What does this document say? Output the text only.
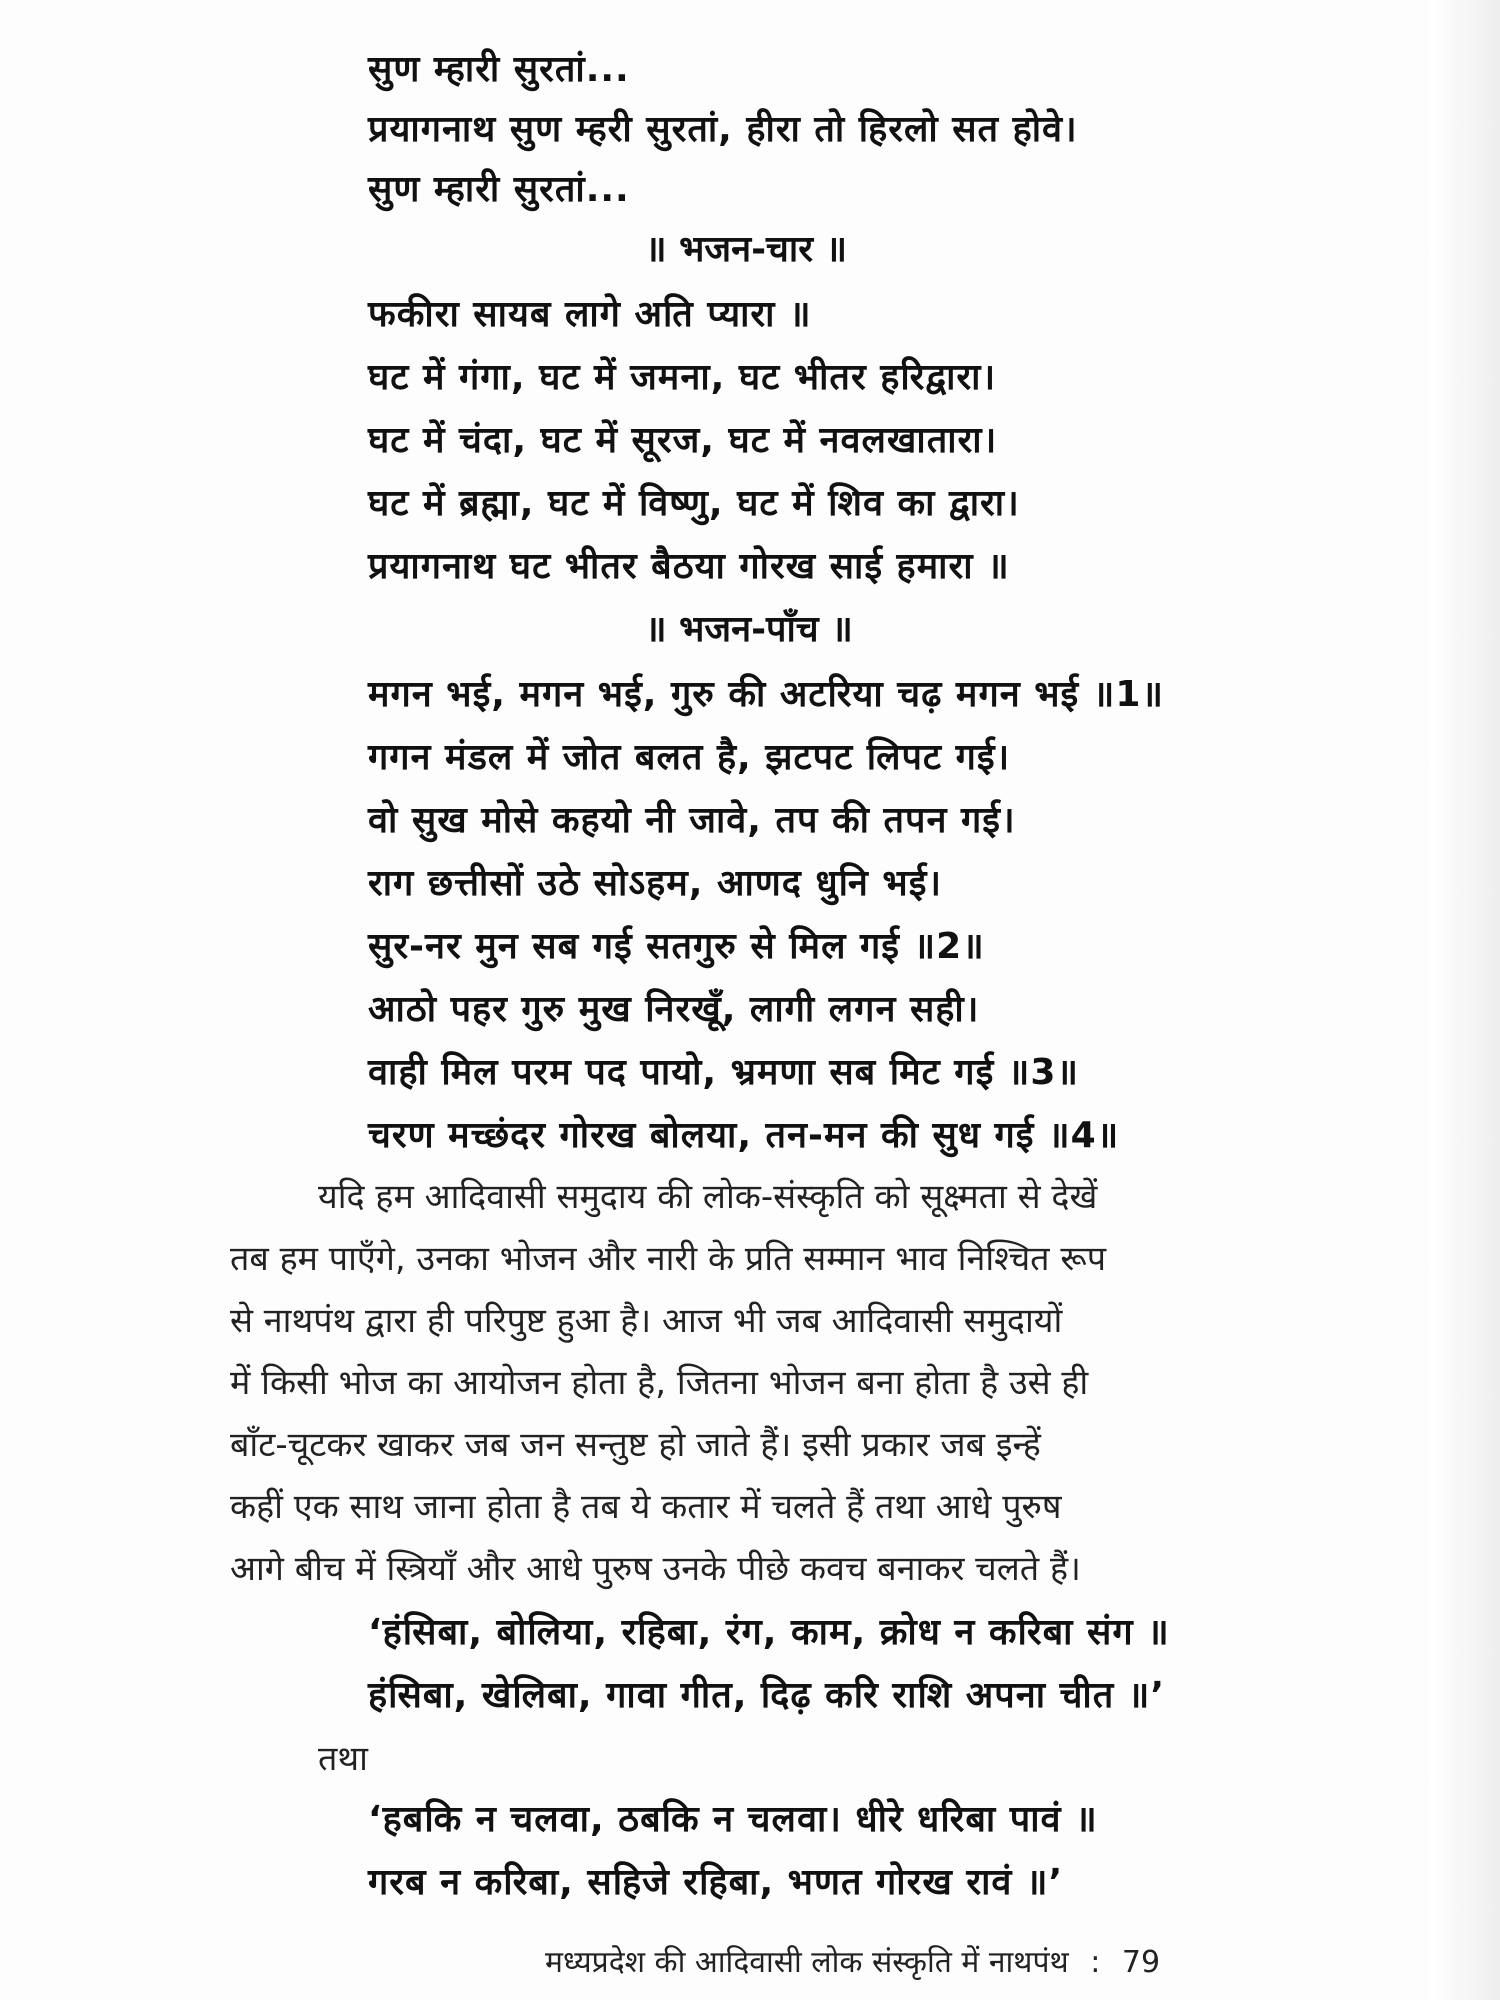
सुण म्हारी सुरतां...
प्रयागनाथ सुण म्हरी सुरतां, हीरा तो हिरलो सत होवे।
सुण म्हारी सुरतां...
॥ भजन-चार ॥
फकीरा सायब लागे अति प्यारा ॥
घट में गंगा, घट में जमना, घट भीतर हरिद्वारा।
घट में चंदा, घट में सूरज, घट में नवलखातारा।
घट में ब्रह्मा, घट में विष्णु, घट में शिव का द्वारा।
प्रयागनाथ घट भीतर बैठया गोरख साई हमारा ॥
॥ भजन-पाँच ॥
मगन भई, मगन भई, गुरु की अटरिया चढ़ मगन भई ॥1॥
गगन मंडल में जोत बलत है, झटपट लिपट गई।
वो सुख मोसे कहयो नी जावे, तप की तपन गई।
राग छत्तीसों उठे सोऽहम, आणद धुनि भई।
सुर-नर मुन सब गई सतगुरु से मिल गई ॥2॥
आठो पहर गुरु मुख निरखूँ, लागी लगन सही।
वाही मिल परम पद पायो, भ्रमणा सब मिट गई ॥3॥
चरण मच्छंदर गोरख बोलया, तन-मन की सुध गई ॥4॥
यदि हम आदिवासी समुदाय की लोक-संस्कृति को सूक्ष्मता से देखें
तब हम पाएँगे, उनका भोजन और नारी के प्रति सम्मान भाव निश्चित रूप
से नाथपंथ द्वारा ही परिपुष्ट हुआ है। आज भी जब आदिवासी समुदायों
में किसी भोज का आयोजन होता है, जितना भोजन बना होता है उसे ही
बाँट-चूटकर खाकर जब जन सन्तुष्ट हो जाते हैं। इसी प्रकार जब इन्हें
कहीं एक साथ जाना होता है तब ये कतार में चलते हैं तथा आधे पुरुष
आगे बीच में स्त्रियाँ और आधे पुरुष उनके पीछे कवच बनाकर चलते हैं।
‘हंसिबा, बोलिया, रहिबा, रंग, काम, क्रोध न करिबा संग ॥
हंसिबा, खेलिबा, गावा गीत, दिढ़ करि राशि अपना चीत ॥’
तथा
‘हबकि न चलवा, ठबकि न चलवा। धीरे धरिबा पावं ॥
गरब न करिबा, सहिजे रहिबा, भणत गोरख रावं ॥’
मध्यप्रदेश की आदिवासी लोक संस्कृति में नाथपंथ : 79
